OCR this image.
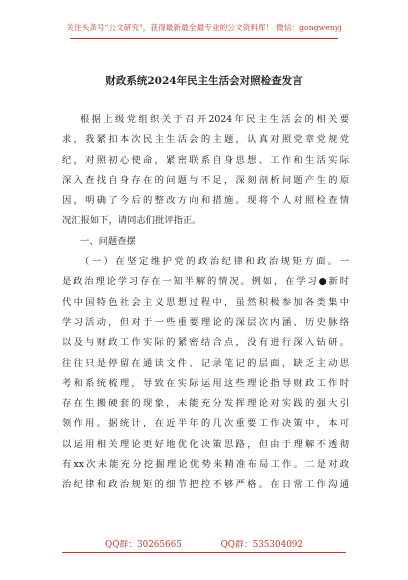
关注头条号"公文研究"，获得最新最全最专业的公文资料库！ 微信：gongwenyj
财政系统2024年民主生活会对照检查发言
根据上级党组织关于召开2024年民主生活会的相关要
求，我紧扣本次民主生活会的主题，认真对照党章党规党
纪，对照初心使命，紧密联系自身思想、工作和生活实际
深入查找自身存在的问题与不足，深刻剖析问题产生的原
因，明确了今后的整改方向和措施。现将个人对照检查情
况汇报如下，请同志们批评指正。
一、问题查摆
（一）在坚定维护党的政治纪律和政治规矩方面。一
是政治理论学习存在一知半解的情况。例如，在学习●新时
代中国特色社会主义思想过程中，虽然积极参加各类集中
学习活动，但对于一些重要理论的深层次内涵、历史脉络
以及与财政工作实际的紧密结合点，没有进行深入钻研。
往往只是停留在通读文件、记录笔记的层面，缺乏主动思
考和系统梳理，导致在实际运用这些理论指导财政工作时
存在生搬硬套的现象，未能充分发挥理论对实践的强大引
领作用。据统计，在近半年的几次重要工作决策中，本可
以运用相关理论更好地优化决策思路，但由于理解不透彻
有xx次未能充分挖掘理论优势来精准布局工作。二是对政
治纪律和政治规矩的细节把控不够严格。在日常工作沟通
QQ群：30265665	QQ群：535304092
